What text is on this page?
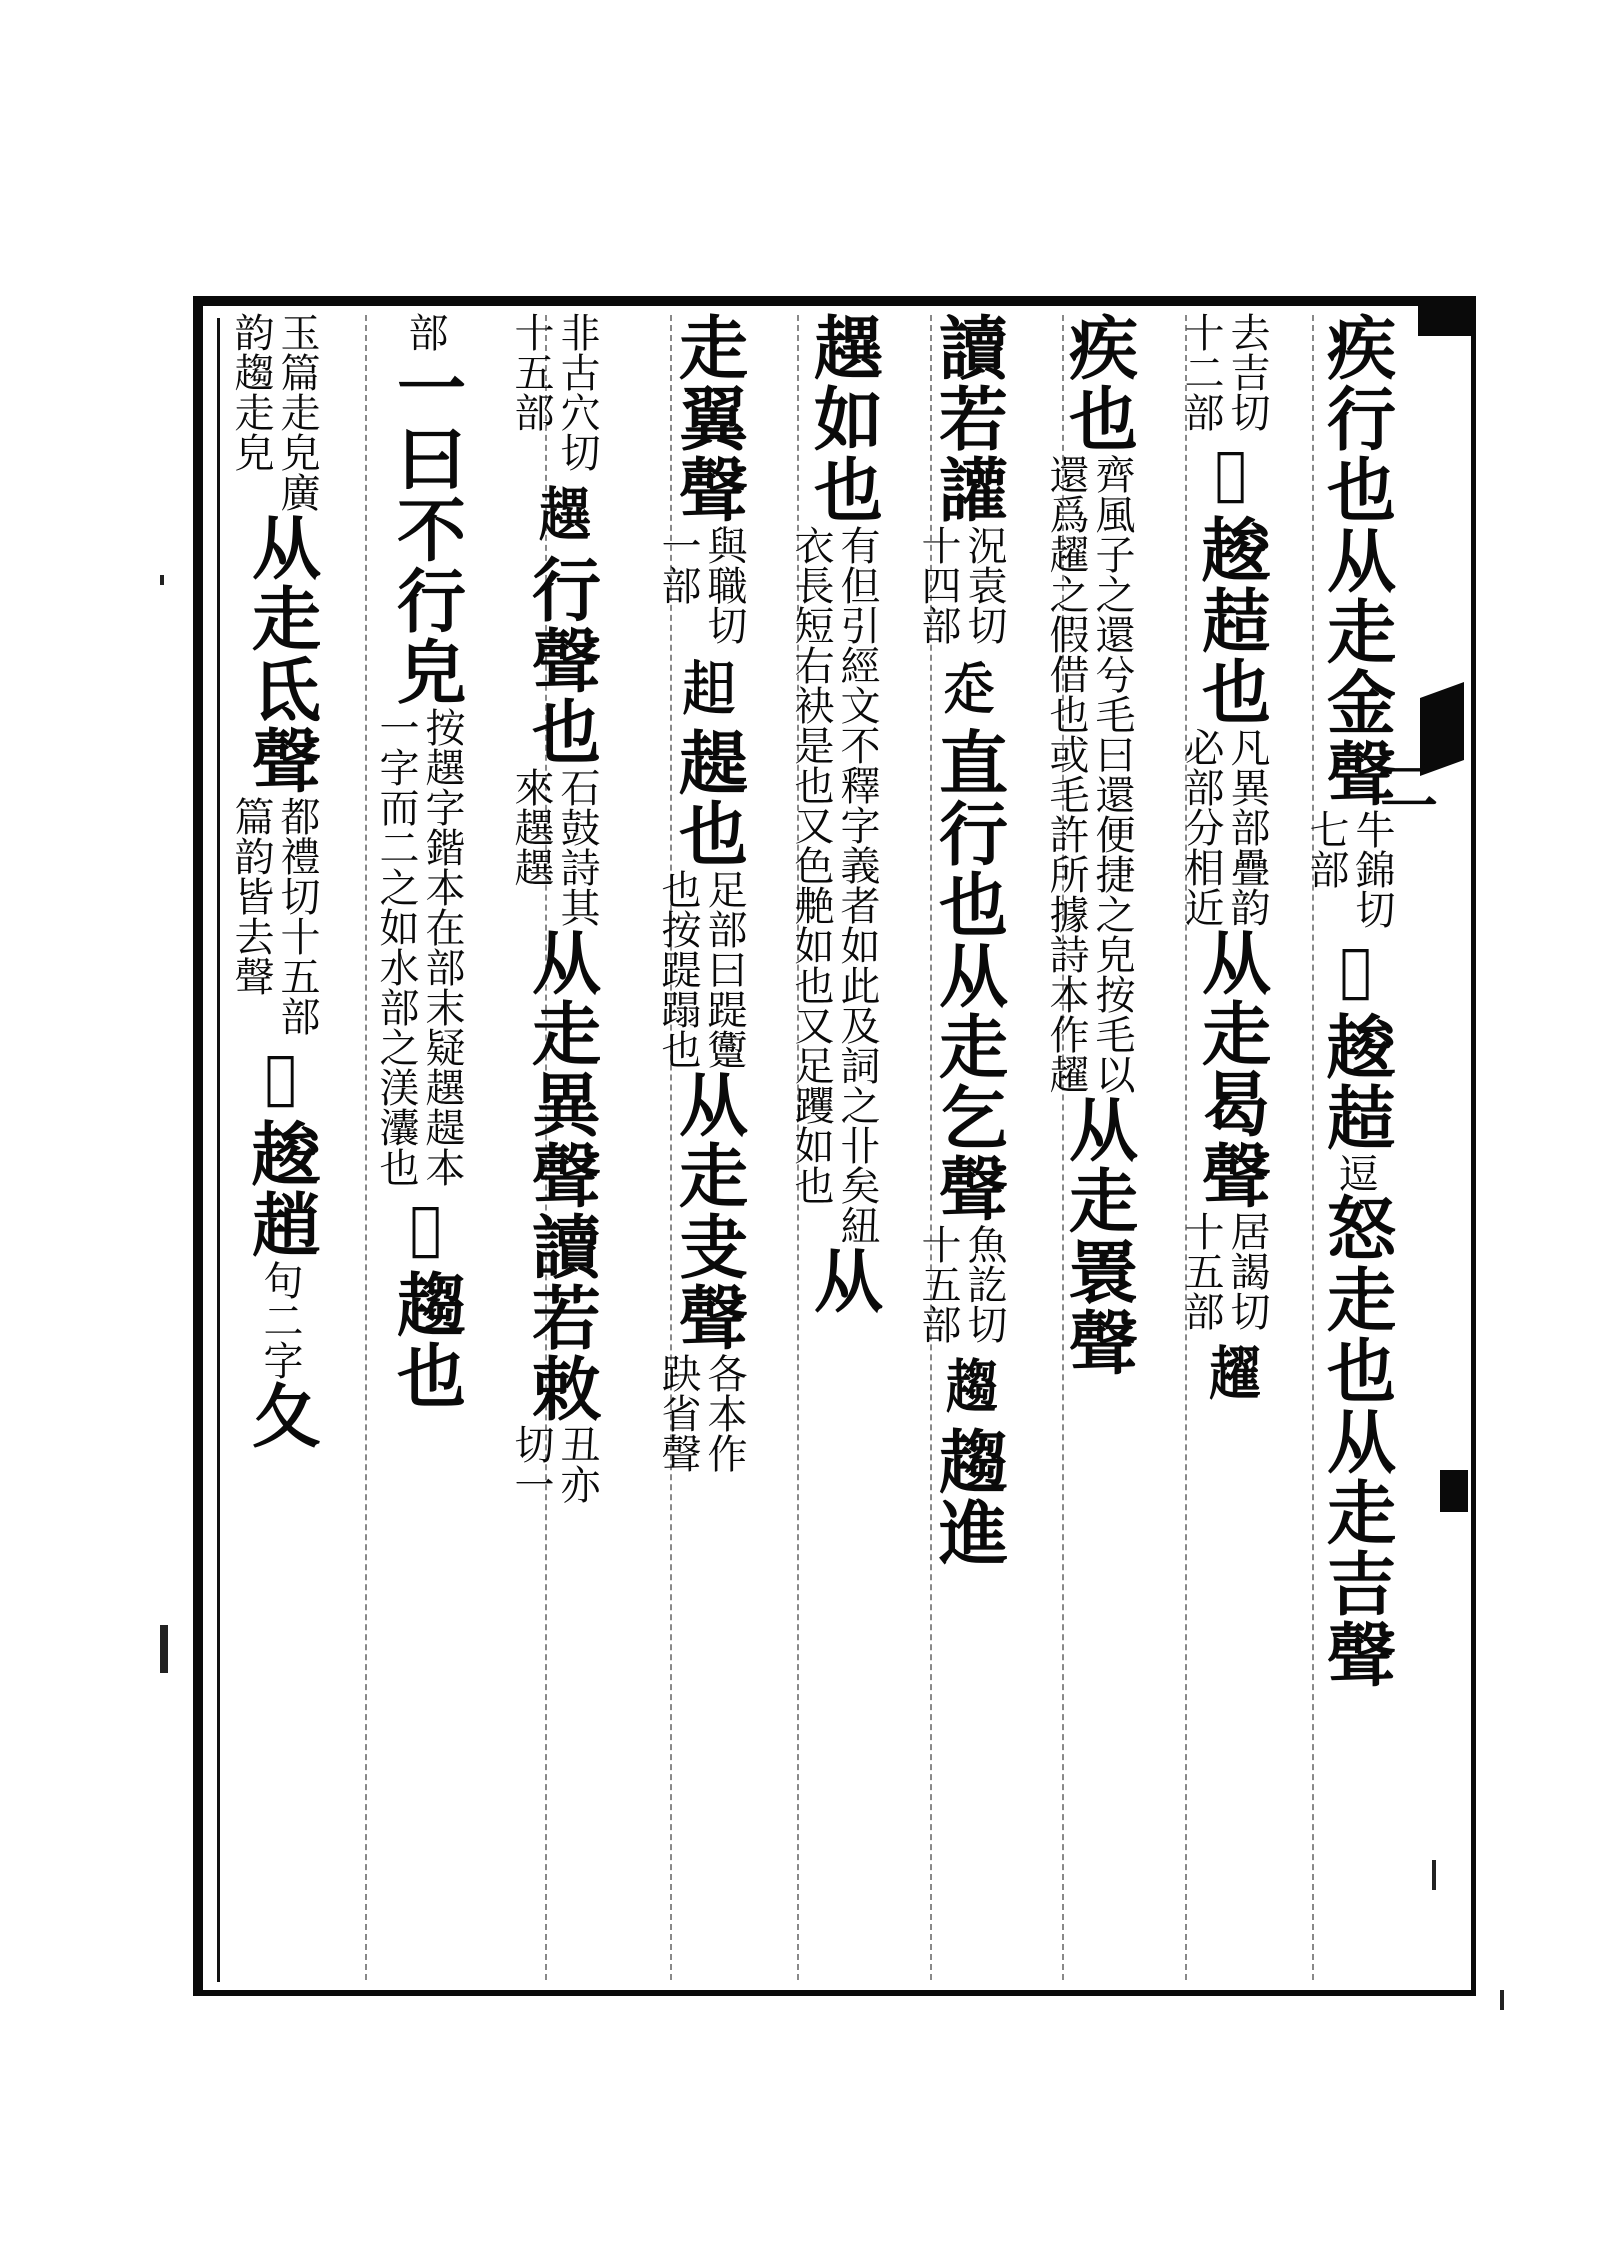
疾行也从走金聲
牛錦切
七部
𧺚䞭趌逗怒走也从走吉聲
去吉切
十二部
𧻦䞭趌也
凡異部疊韵
必部分相近
从走曷聲
居謁切
十五部
趯
疾也
齊風子之還兮毛曰還便捷之皃按毛以
還爲趯之假借也或毛許所據詩本作趯
从走瞏聲
讀若讙
況袁切
十四部
𧺆直行也从走乞聲
魚訖切
十五部
趨趨進
趩如也
有但引經文不釋字義者如此及詞之卝矣紐
衣長短右袂是也又色艴如也又足躩如也
从
走翼聲
與職切
一部
𧺝趧也
足部曰踶躛
也按踶蹋也
从走叏聲
各本作
趹省聲
非古穴切
十五部
趩行聲也
石鼓詩其
來趩趩
从走異聲讀若敕
丑亦
切一
部一曰不行皃
按趩字鍇本在部末疑趩趧本
一字而二之如水部之渼灢也
𧺬趨也
玉篇走皃廣
韵趨走皃
从走氐聲
都禮切十五部
篇韵皆去聲
𧼣䞭趙句二字夂
二
